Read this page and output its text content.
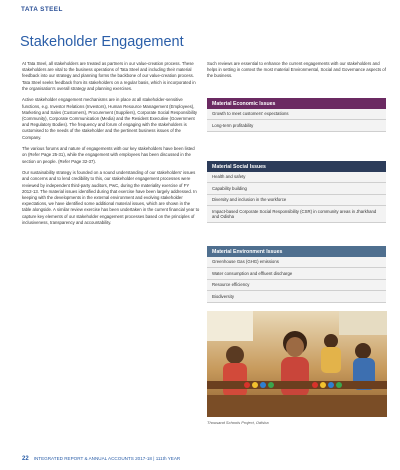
TATA STEEL
Stakeholder Engagement

At Tata Steel, all stakeholders are treated as partners in our value-creation process. These stakeholders are vital to the business operations of Tata Steel and including their material feedback into our strategy and planning forms the backbone of our value-creation process. Tata Steel seeks feedback from its stakeholders on a regular basis, which is incorporated in the organisation's overall strategy and planning exercises.

Active stakeholder engagement mechanisms are in place at all stakeholder-sensitive functions, e.g. Investor Relations (Investors), Human Resource Management (Employees), Marketing and Sales (Customers), Procurement (Suppliers), Corporate Social Responsibility (Community), Corporate Communication (Media) and the Resident Executive (Government and Regulatory Bodies). The frequency and forum of engaging with the stakeholders is customised to the needs of the stakeholder and the pertinent business issues of the Company.

The various forums and nature of engagements with our key stakeholders have been listed on (Refer Page 25-31), while the engagement with employees has been discussed in the section on people. (Refer Page 32-37).

Our sustainability strategy is founded on a sound understanding of our stakeholders' issues and concerns and to lend credibility to this, our stakeholder engagement processes were reviewed by independent third-party auditors, PwC, during the materiality exercise of FY 2012-13. The material issues identified during that exercise have been largely addressed. In keeping with the developments in the external environment and evolving stakeholder expectations, we have identified some additional material issues, which are shown in the table alongside. A similar review exercise has been undertaken in the current financial year to capture key elements of our stakeholder engagement processes based on the principles of inclusiveness, transparency and accountability.

Such reviews are essential to enhance the current engagements with our stakeholders and helps in setting in context the most material Environmental, Social and Governance aspects of the business.

Material Economic Issues
Growth to meet customers' expectations
Long-term profitability
Material Social Issues
Health and safety
Capability building
Diversity and inclusion in the workforce
Impact-based Corporate Social Responsibility (CSR) in community areas in Jharkhand and Odisha
Material Environment Issues
Greenhouse Gas (GHG) emissions
Water consumption and effluent discharge
Resource efficiency
Biodiversity
Thousand Schools Project, Odisha
22 INTEGRATED REPORT & ANNUAL ACCOUNTS 2017-18 | 111th YEAR
